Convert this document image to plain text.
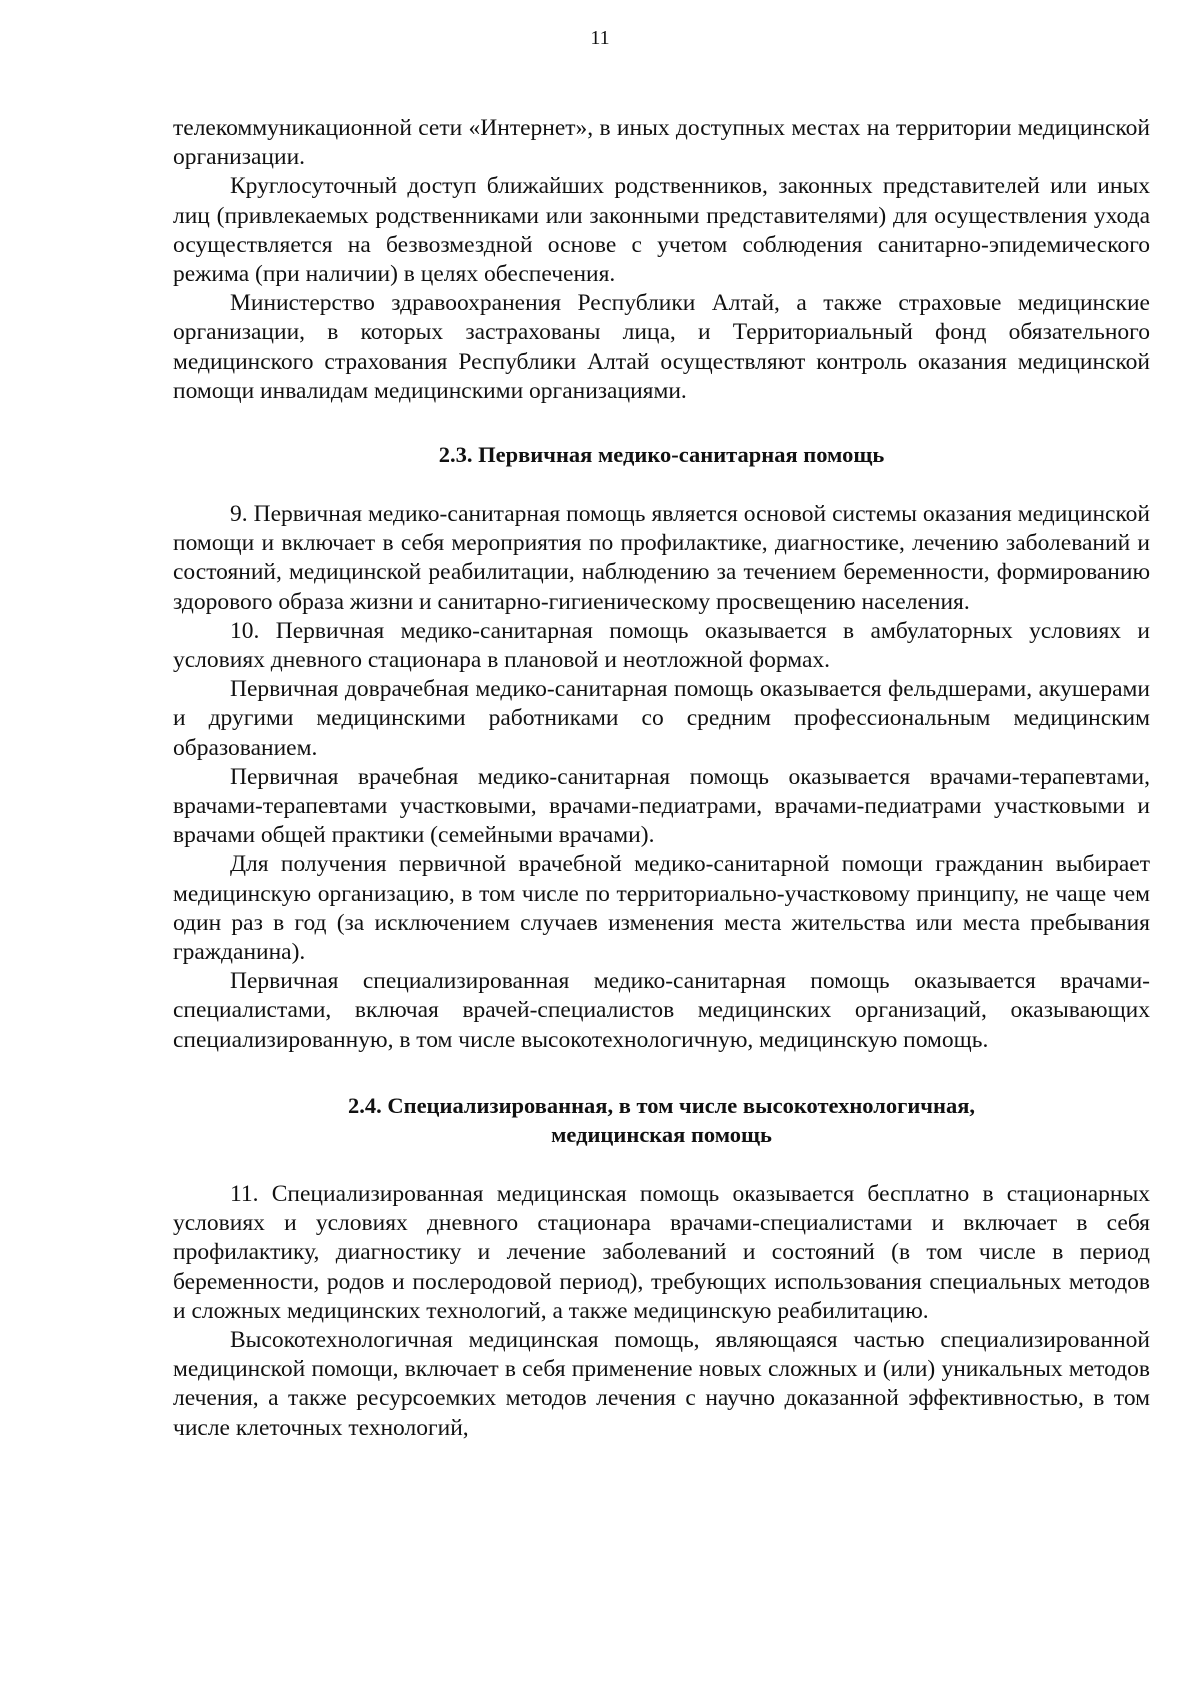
11

телекоммуникационной сети «Интернет», в иных доступных местах на территории медицинской организации.

Круглосуточный доступ ближайших родственников, законных представителей или иных лиц (привлекаемых родственниками или законными представителями) для осуществления ухода осуществляется на безвозмездной основе с учетом соблюдения санитарно-эпидемического режима (при наличии) в целях обеспечения.

Министерство здравоохранения Республики Алтай, а также страховые медицинские организации, в которых застрахованы лица, и Территориальный фонд обязательного медицинского страхования Республики Алтай осуществляют контроль оказания медицинской помощи инвалидам медицинскими организациями.

2.3. Первичная медико-санитарная помощь

9. Первичная медико-санитарная помощь является основой системы оказания медицинской помощи и включает в себя мероприятия по профилактике, диагностике, лечению заболеваний и состояний, медицинской реабилитации, наблюдению за течением беременности, формированию здорового образа жизни и санитарно-гигиеническому просвещению населения.

10. Первичная медико-санитарная помощь оказывается в амбулаторных условиях и условиях дневного стационара в плановой и неотложной формах.

Первичная доврачебная медико-санитарная помощь оказывается фельдшерами, акушерами и другими медицинскими работниками со средним профессиональным медицинским образованием.

Первичная врачебная медико-санитарная помощь оказывается врачами-терапевтами, врачами-терапевтами участковыми, врачами-педиатрами, врачами-педиатрами участковыми и врачами общей практики (семейными врачами).

Для получения первичной врачебной медико-санитарной помощи гражданин выбирает медицинскую организацию, в том числе по территориально-участковому принципу, не чаще чем один раз в год (за исключением случаев изменения места жительства или места пребывания гражданина).

Первичная специализированная медико-санитарная помощь оказывается врачами-специалистами, включая врачей-специалистов медицинских организаций, оказывающих специализированную, в том числе высокотехнологичную, медицинскую помощь.

2.4. Специализированная, в том числе высокотехнологичная,
медицинская помощь

11. Специализированная медицинская помощь оказывается бесплатно в стационарных условиях и условиях дневного стационара врачами-специалистами и включает в себя профилактику, диагностику и лечение заболеваний и состояний (в том числе в период беременности, родов и послеродовой период), требующих использования специальных методов и сложных медицинских технологий, а также медицинскую реабилитацию.

Высокотехнологичная медицинская помощь, являющаяся частью специализированной медицинской помощи, включает в себя применение новых сложных и (или) уникальных методов лечения, а также ресурсоемких методов лечения с научно доказанной эффективностью, в том числе клеточных технологий,
